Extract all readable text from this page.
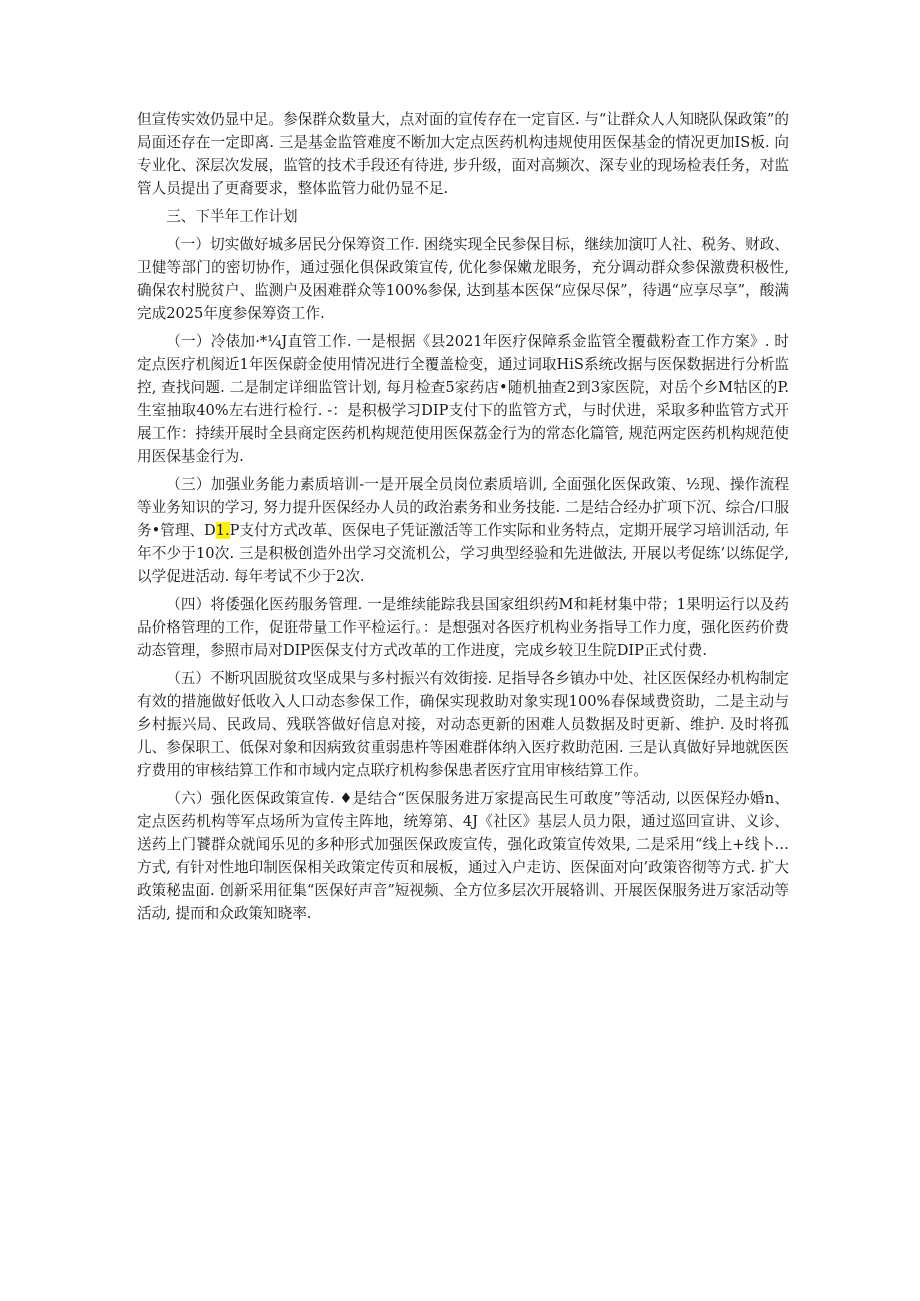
但宣传实效仍显中足。参保群众数量大，点对面的宣传存在一定盲区. 与“让群众人人知晓队保政策”的局面还存在一定即离. 三是基金监管难度不断加大定点医药机构违规使用医保基金的情况更加IS板. 向专业化、深层次发展，监管的技术手段还有待进, 步升级，面对高频次、深专业的现场检表任务，对监管人员提出了更裔要求，整体监管力砒仍显不足.

三、下半年工作计划

（一）切实做好城多居民分保筹资工作. 困绕实现全民参保目标，继续加演叮人社、税务、财政、卫健等部门的密切协作，通过强化倶保政策宣传, 优化参保嫩龙眼务，充分调动群众参保激费积极性, 确保农村脱贫户、监测户及困难群众等100%参保, 达到基本医保“应保尽保”，待遇“应享尽享”，酸满完成2025年度参保筹资工作.

（一）冷俵加·*¼J直管工作. 一是根据《县2021年医疗保障系金监管全覆截粉查工作方案》. 时定点医疗机阂近1年医保蔚金使用情况进行全覆盖检变，通过词取HiS系统改据与医保数据进行分析监控, 查找问题. 二是制定详细监管计划, 每月检查5家药店•随机抽查2到3家医院，对岳个乡M牯区的P.生室抽取40%左右进行检行. -：是积极学习DIP支付下的监管方式，与时伏进，采取多种监管方式开展工作：持续开展时全县商定医药机构规范使用医保荔金行为的常态化篇管, 规范两定医药机构规范使用医保基金行为.

（三）加强业务能力素质培训-一是开展全员岗位素质培训, 全面强化医保政策、½现、操作流程等业务知识的学习, 努力提升医保经办人员的政治素务和业务技能. 二是结合经办扩项下沉、综合/口服务•管理、D1.P支付方式改革、医保电子凭证激活等工作实际和业务特点，定期开展学习培训活动, 年年不少于10次. 三是积极创造外出学习交流机公，学习典型经验和先进做法, 开展以考促练’以练促学, 以学促进活动. 每年考试不少于2次.

（四）将倭强化医药服务管理. 一是维续能踪我县国家组织药M和耗材集中带；1果明运行以及药品价格管理的工作，促诳带量工作平检运行。：是想强对各医疗机构业务指导工作力度，强化医药价费动态管理，参照市局对DIP医保支付方式改革的工作进度，完成乡较卫生院DIP正式付费.

（五）不断巩固脱贫攻坚成果与多村振兴有效街接. 足指导各乡镇办中处、社区医保经办机构制定有效的措施做好低收入人口动态参保工作，确保实现救助对象实现100%春保域费资助，二是主动与乡村振兴局、民政局、残联答做好信息对接，对动态更新的困难人员数据及时更新、维护. 及时将孤儿、参保职工、低保对象和因病致贫重弱患杵等困难群体纳入医疗救助范困. 三是认真做好异地就医医疗费用的审核结算工作和市域内定点联疗机构参保患者医疗宜用审核结算工作。

（六）强化医保政策宣传. ♦是结合“医保服务进万家提高民生可敢度”等活动, 以医保羟办婚n、定点医药机构等军点场所为宣传主阵地，统筹第、4J《社区》基层人员力限，通过巡回宣讲、义诊、送药上门饕群众就闻乐见的多种形式加强医保政废宣传，强化政策宣传效果, 二是采用“线上+线卜…方式, 有针对性地印制医保相关政策定传页和展板，通过入户走访、医保面对向’政策咨彻等方式. 扩大政策秘盅面. 创新采用征集“医保好声音”短视频、全方位多层次开展辂训、开展医保服务进万家活动等活动, 提而和众政策知晓率.
